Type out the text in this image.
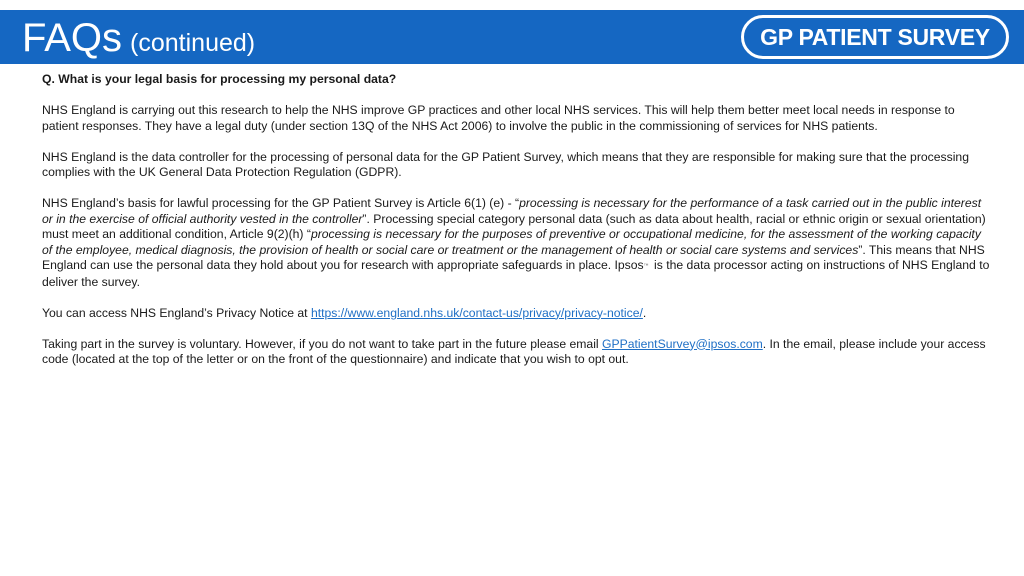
FAQs (continued)	GP PATIENT SURVEY

Q. What is your legal basis for processing my personal data?

NHS England is carrying out this research to help the NHS improve GP practices and other local NHS services. This will help them better meet local needs in response to patient responses. They have a legal duty (under section 13Q of the NHS Act 2006) to involve the public in the commissioning of services for NHS patients.

NHS England is the data controller for the processing of personal data for the GP Patient Survey, which means that they are responsible for making sure that the processing complies with the UK General Data Protection Regulation (GDPR).

NHS England’s basis for lawful processing for the GP Patient Survey is Article 6(1) (e) - “processing is necessary for the performance of a task carried out in the public interest or in the exercise of official authority vested in the controller”. Processing special category personal data (such as data about health, racial or ethnic origin or sexual orientation) must meet an additional condition, Article 9(2)(h) “processing is necessary for the purposes of preventive or occupational medicine, for the assessment of the working capacity of the employee, medical diagnosis, the provision of health or social care or treatment or the management of health or social care systems and services”. This means that NHS England can use the personal data they hold about you for research with appropriate safeguards in place. Ipsos™ is the data processor acting on instructions of NHS England to deliver the survey.

You can access NHS England’s Privacy Notice at https://www.england.nhs.uk/contact-us/privacy/privacy-notice/.

Taking part in the survey is voluntary. However, if you do not want to take part in the future please email GPPatientSurvey@ipsos.com. In the email, please include your access code (located at the top of the letter or on the front of the questionnaire) and indicate that you wish to opt out.
